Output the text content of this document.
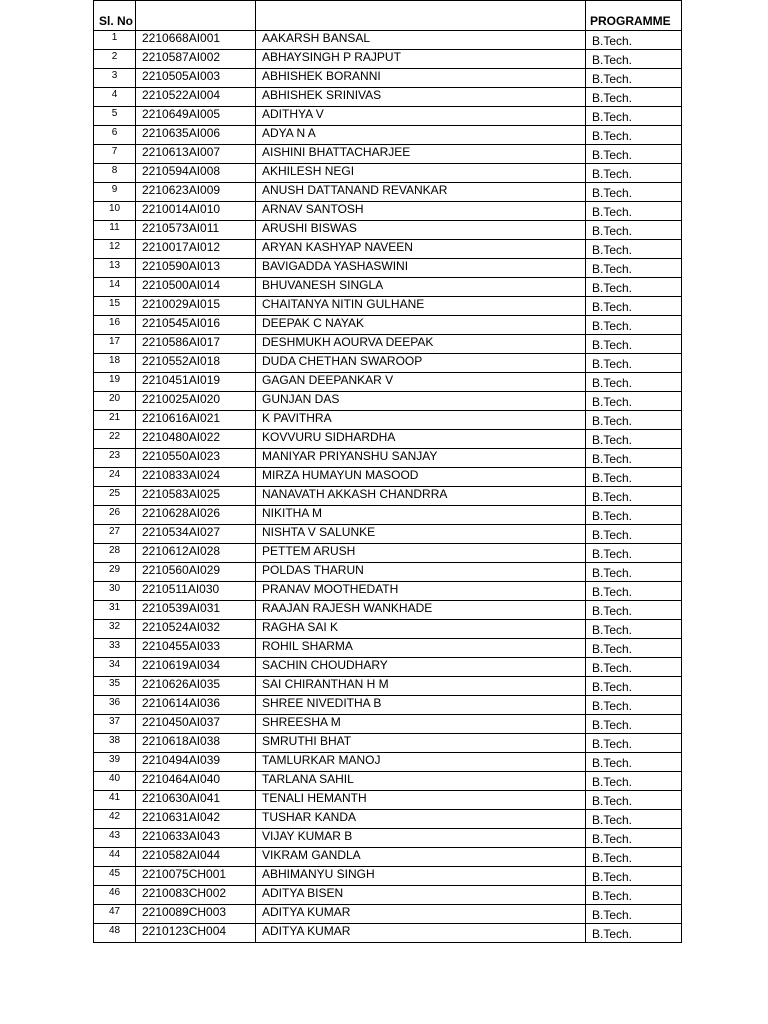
Sl. No			PROGRAMME

1	2210668AI001	AAKARSH BANSAL	B.Tech.
2	2210587AI002	ABHAYSINGH P RAJPUT	B.Tech.
3	2210505AI003	ABHISHEK BORANNI	B.Tech.
4	2210522AI004	ABHISHEK SRINIVAS	B.Tech.
5	2210649AI005	ADITHYA V	B.Tech.
6	2210635AI006	ADYA N A	B.Tech.
7	2210613AI007	AISHINI BHATTACHARJEE	B.Tech.
8	2210594AI008	AKHILESH NEGI	B.Tech.
9	2210623AI009	ANUSH DATTANAND REVANKAR	B.Tech.
10	2210014AI010	ARNAV SANTOSH	B.Tech.
11	2210573AI011	ARUSHI BISWAS	B.Tech.
12	2210017AI012	ARYAN KASHYAP NAVEEN	B.Tech.
13	2210590AI013	BAVIGADDA YASHASWINI	B.Tech.
14	2210500AI014	BHUVANESH SINGLA	B.Tech.
15	2210029AI015	CHAITANYA NITIN GULHANE	B.Tech.
16	2210545AI016	DEEPAK C NAYAK	B.Tech.
17	2210586AI017	DESHMUKH AOURVA DEEPAK	B.Tech.
18	2210552AI018	DUDA CHETHAN SWAROOP	B.Tech.
19	2210451AI019	GAGAN DEEPANKAR V	B.Tech.
20	2210025AI020	GUNJAN DAS	B.Tech.
21	2210616AI021	K PAVITHRA	B.Tech.
22	2210480AI022	KOVVURU SIDHARDHA	B.Tech.
23	2210550AI023	MANIYAR PRIYANSHU SANJAY	B.Tech.
24	2210833AI024	MIRZA HUMAYUN MASOOD	B.Tech.
25	2210583AI025	NANAVATH AKKASH CHANDRRA	B.Tech.
26	2210628AI026	NIKITHA M	B.Tech.
27	2210534AI027	NISHTA V SALUNKE	B.Tech.
28	2210612AI028	PETTEM ARUSH	B.Tech.
29	2210560AI029	POLDAS THARUN	B.Tech.
30	2210511AI030	PRANAV MOOTHEDATH	B.Tech.
31	2210539AI031	RAAJAN RAJESH WANKHADE	B.Tech.
32	2210524AI032	RAGHA SAI K	B.Tech.
33	2210455AI033	ROHIL SHARMA	B.Tech.
34	2210619AI034	SACHIN CHOUDHARY	B.Tech.
35	2210626AI035	SAI CHIRANTHAN H M	B.Tech.
36	2210614AI036	SHREE NIVEDITHA B	B.Tech.
37	2210450AI037	SHREESHA M	B.Tech.
38	2210618AI038	SMRUTHI BHAT	B.Tech.
39	2210494AI039	TAMLURKAR MANOJ	B.Tech.
40	2210464AI040	TARLANA SAHIL	B.Tech.
41	2210630AI041	TENALI HEMANTH	B.Tech.
42	2210631AI042	TUSHAR KANDA	B.Tech.
43	2210633AI043	VIJAY KUMAR B	B.Tech.
44	2210582AI044	VIKRAM GANDLA	B.Tech.
45	2210075CH001	ABHIMANYU SINGH	B.Tech.
46	2210083CH002	ADITYA BISEN	B.Tech.
47	2210089CH003	ADITYA KUMAR	B.Tech.
48	2210123CH004	ADITYA KUMAR	B.Tech.
